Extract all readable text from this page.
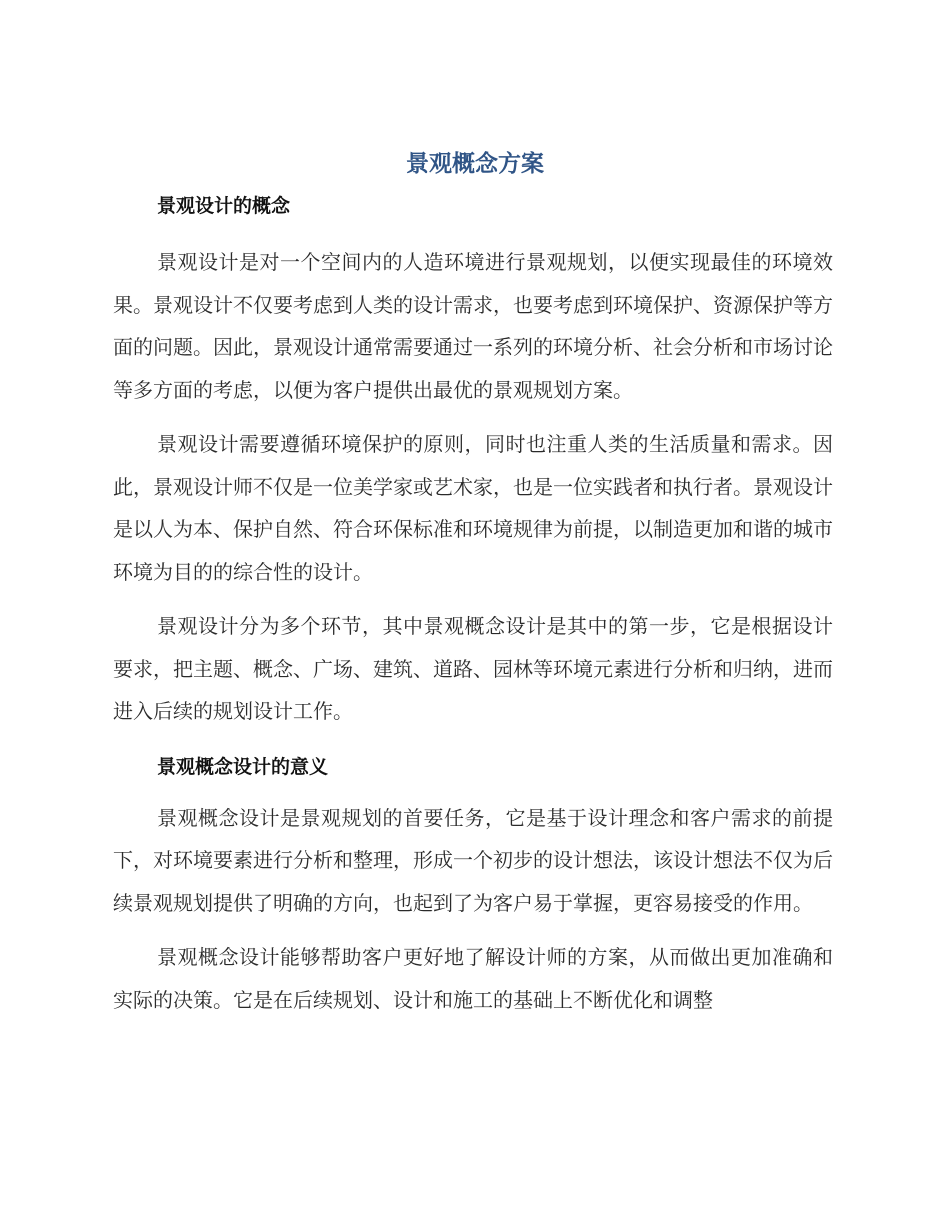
景观概念方案
景观设计的概念

景观设计是对一个空间内的人造环境进行景观规划，以便实现最佳的环境效果。景观设计不仅要考虑到人类的设计需求，也要考虑到环境保护、资源保护等方面的问题。因此，景观设计通常需要通过一系列的环境分析、社会分析和市场讨论等多方面的考虑，以便为客户提供出最优的景观规划方案。

景观设计需要遵循环境保护的原则，同时也注重人类的生活质量和需求。因此，景观设计师不仅是一位美学家或艺术家，也是一位实践者和执行者。景观设计是以人为本、保护自然、符合环保标准和环境规律为前提，以制造更加和谐的城市环境为目的的综合性的设计。

景观设计分为多个环节，其中景观概念设计是其中的第一步，它是根据设计要求，把主题、概念、广场、建筑、道路、园林等环境元素进行分析和归纳，进而进入后续的规划设计工作。

景观概念设计的意义

景观概念设计是景观规划的首要任务，它是基于设计理念和客户需求的前提下，对环境要素进行分析和整理，形成一个初步的设计想法，该设计想法不仅为后续景观规划提供了明确的方向，也起到了为客户易于掌握，更容易接受的作用。

景观概念设计能够帮助客户更好地了解设计师的方案，从而做出更加准确和实际的决策。它是在后续规划、设计和施工的基础上不断优化和调整
